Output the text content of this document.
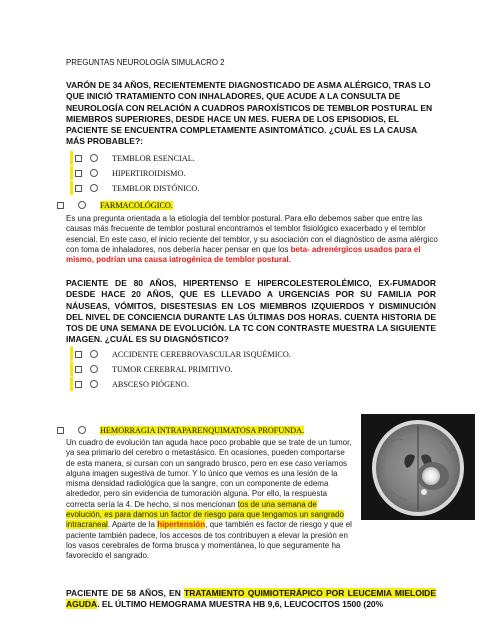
PREGUNTAS NEUROLOGÍA SIMULACRO 2
VARÓN DE 34 AÑOS, RECIENTEMENTE DIAGNOSTICADO DE ASMA ALÉRGICO, TRAS LO QUE INICIÓ TRATAMIENTO CON INHALADORES, QUE ACUDE A LA CONSULTA DE NEUROLOGÍA CON RELACIÓN A CUADROS PAROXÍSTICOS DE TEMBLOR POSTURAL EN MIEMBROS SUPERIORES, DESDE HACE UN MES. FUERA DE LOS EPISODIOS, EL PACIENTE SE ENCUENTRA COMPLETAMENTE ASINTOMÁTICO. ¿CUÁL ES LA CAUSA MÁS PROBABLE?:
TEMBLOR ESENCIAL.
HIPERTIROIDISMO.
TEMBLOR DISTÓNICO.
FARMACOLÓGICO.
Es una pregunta orientada a la etiología del temblor postural. Para ello debemos saber que entre las causas más frecuente de temblor postural encontramos el temblor fisiológico exacerbado y el temblor esencial. En este caso, el inicio reciente del temblor, y su asociación con el diagnóstico de asma alérgico con toma de inhaladores, nos debería hacer pensar en que los beta- adrenérgicos usados para el mismo, podrían una causa iatrogénica de temblor postural.
PACIENTE DE 80 AÑOS, HIPERTENSO E HIPERCOLESTEROLÉMICO, EX-FUMADOR DESDE HACE 20 AÑOS, QUE ES LLEVADO A URGENCIAS POR SU FAMILIA POR NÁUSEAS, VÓMITOS, DISESTESIAS EN LOS MIEMBROS IZQUIERDOS Y DISMINUCIÓN DEL NIVEL DE CONCIENCIA DURANTE LAS ÚLTIMAS DOS HORAS. CUENTA HISTORIA DE TOS DE UNA SEMANA DE EVOLUCIÓN. LA TC CON CONTRASTE MUESTRA LA SIGUIENTE IMAGEN. ¿CUÁL ES SU DIAGNÓSTICO?
ACCIDENTE CEREBROVASCULAR ISQUÉMICO.
TUMOR CEREBRAL PRIMITIVO.
ABSCESO PIÓGENO.
HEMORRAGIA INTRAPARENQUIMATOSA PROFUNDA.
Un cuadro de evolución tan aguda hace poco probable que se trate de un tumor, ya sea primario del cerebro o metastásico. En ocasiones, pueden comportarse de esta manera, si cursan con un sangrado brusco, pero en ese caso veríamos alguna imagen sugestiva de tumor. Y lo único que vemos es una lesión de la misma densidad radiológica que la sangre, con un componente de edema alrededor, pero sin evidencia de tumoración alguna. Por ello, la respuesta correcta sería la 4. De hecho, si nos mencionan tos de una semana de evolución, es para darnos un factor de riesgo para que tengamos un sangrado intracraneal. Aparte de la hipertensión, que también es factor de riesgo y que el paciente también padece, los accesos de tos contribuyen a elevar la presión en los vasos cerebrales de forma brusca y momentánea, lo que seguramente ha favorecido el sangrado.
PACIENTE DE 58 AÑOS, EN TRATAMIENTO QUIMIOTERÁPICO POR LEUCEMIA MIELOIDE AGUDA. EL ÚLTIMO HEMOGRAMA MUESTRA HB 9,6, LEUCOCITOS 1500 (20%
